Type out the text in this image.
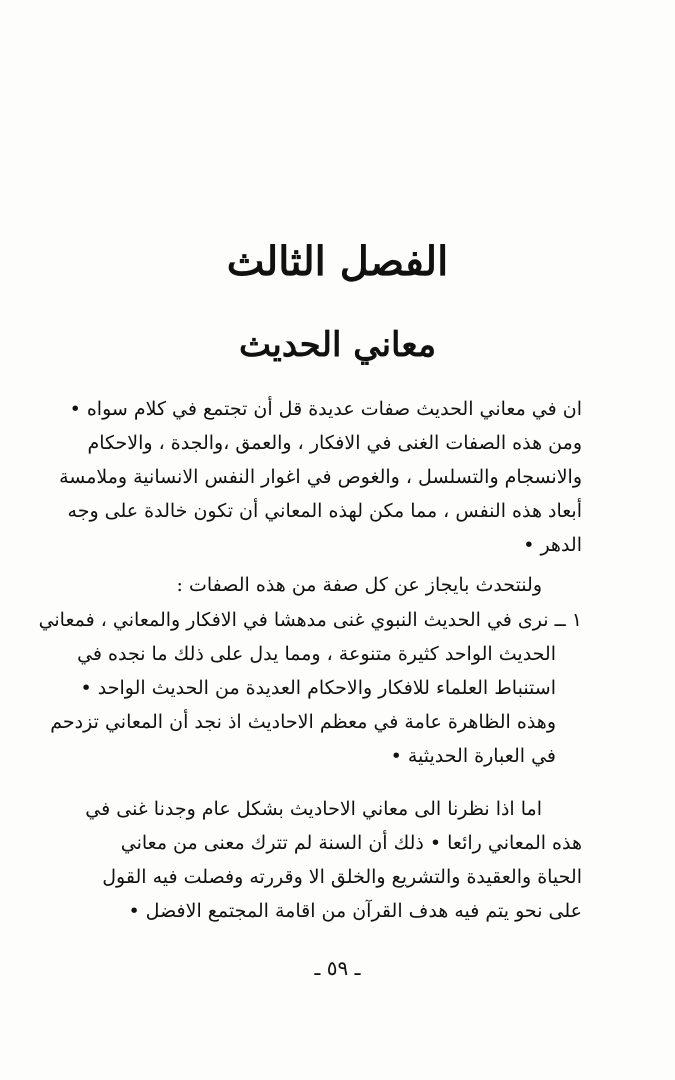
الفصل الثالث
معاني الحديث
ان في معاني الحديث صفات عديدة قل أن تجتمع في كلام سواه •
ومن هذه الصفات الغنى في الافكار ، والعمق ،والجدة ، والاحكام
والانسجام والتسلسل ، والغوص في اغوار النفس الانسانية وملامسة
أبعاد هذه النفس ، مما مكن لهذه المعاني أن تكون خالدة على وجه
الدهر •
ولنتحدث بايجاز عن كل صفة من هذه الصفات :
١ ــ نرى في الحديث النبوي غنى مدهشا في الافكار والمعاني ، فمعاني
الحديث الواحد كثيرة متنوعة ، ومما يدل على ذلك ما نجده في
استنباط العلماء للافكار والاحكام العديدة من الحديث الواحد •
وهذه الظاهرة عامة في معظم الاحاديث اذ نجد أن المعاني تزدحم
في العبارة الحديثية •
اما اذا نظرنا الى معاني الاحاديث بشكل عام وجدنا غنى في
هذه المعاني رائعا • ذلك أن السنة لم تترك معنى من معاني
الحياة والعقيدة والتشريع والخلق الا وقررته وفصلت فيه القول
على نحو يتم فيه هدف القرآن من اقامة المجتمع الافضل •
ـ ٥٩ ـ
